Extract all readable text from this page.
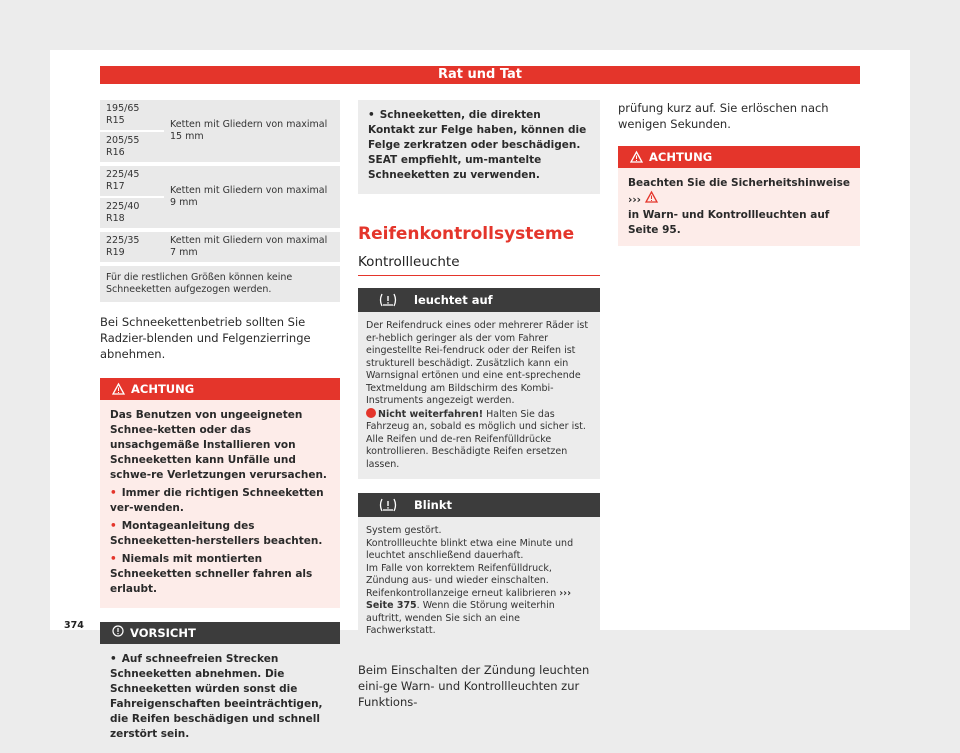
Rat und Tat
195/65 R15	Ketten mit Gliedern von maximal 15 mm
205/55 R16	

225/45 R17	Ketten mit Gliedern von maximal 9 mm
225/40 R18	

225/35 R19	Ketten mit Gliedern von maximal 7 mm

Für die restlichen Größen können keine Schneeketten aufgezogen werden.	

Bei Schneekettenbetrieb sollten Sie Radzier-blenden und Felgenzierringe abnehmen.

ACHTUNG

Das Benutzen von ungeeigneten Schnee-ketten oder das unsachgemäße Installieren von Schneeketten kann Unfälle und schwe-re Verletzungen verursachen.

• Immer die richtigen Schneeketten ver-wenden.

• Montageanleitung des Schneeketten-herstellers beachten.

• Niemals mit montierten Schneeketten schneller fahren als erlaubt.

VORSICHT

• Auf schneefreien Strecken Schneeketten abnehmen. Die Schneeketten würden sonst die Fahreigenschaften beeinträchtigen, die Reifen beschädigen und schnell zerstört sein.

• Schneeketten, die direkten Kontakt zur Felge haben, können die Felge zerkratzen oder beschädigen. SEAT empfiehlt, um-mantelte Schneeketten zu verwenden.

Reifenkontrollsysteme
Kontrollleuchte
leuchtet auf
Der Reifendruck eines oder mehrerer Räder ist er-heblich geringer als der vom Fahrer eingestellte Rei-fendruck oder der Reifen ist strukturell beschädigt. Zusätzlich kann ein Warnsignal ertönen und eine ent-sprechende Textmeldung am Bildschirm des Kombi-Instruments angezeigt werden.
Nicht weiterfahren! Halten Sie das Fahrzeug an, sobald es möglich und sicher ist. Alle Reifen und de-ren Reifenfülldrücke kontrollieren. Beschädigte Reifen ersetzen lassen.
Blinkt
System gestört.
Kontrollleuchte blinkt etwa eine Minute und leuchtet anschließend dauerhaft.
Im Falle von korrektem Reifenfülldruck, Zündung aus- und wieder einschalten. Reifenkontrollanzeige erneut kalibrieren ››› Seite 375. Wenn die Störung weiterhin auftritt, wenden Sie sich an eine Fachwerkstatt.

Beim Einschalten der Zündung leuchten eini-ge Warn- und Kontrollleuchten zur Funktions-

prüfung kurz auf. Sie erlöschen nach wenigen Sekunden.

ACHTUNG
Beachten Sie die Sicherheitshinweise ›››

in Warn- und Kontrollleuchten auf Seite 95.
374
